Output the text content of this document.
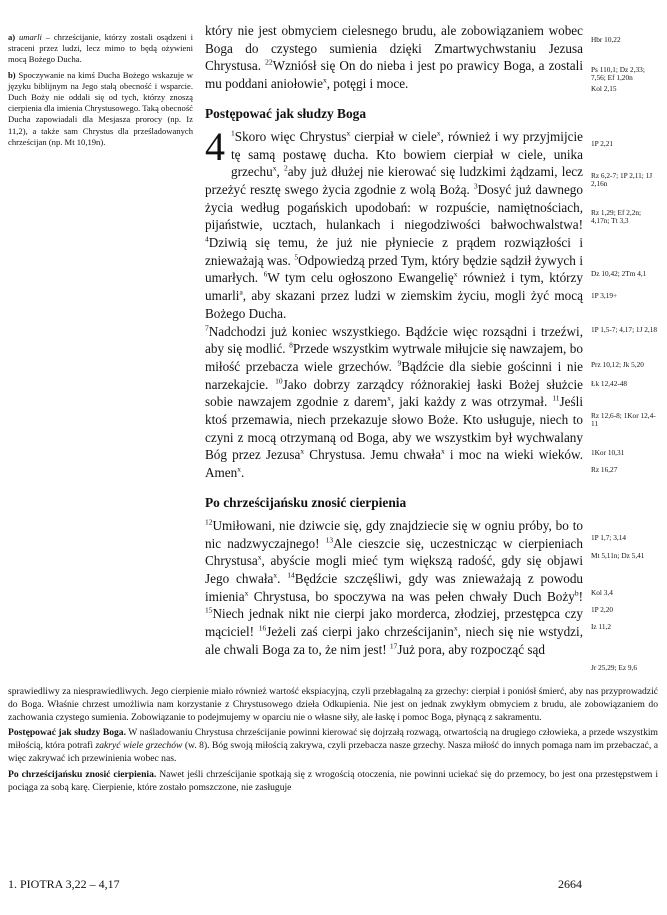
a) umarli – chrześcijanie, którzy zostali osądzeni i straceni przez ludzi, lecz mimo to będą ożywieni mocą Bożego Ducha.

b) Spoczywanie na kimś Ducha Bożego wskazuje w języku biblijnym na Jego stałą obecność i wsparcie. Duch Boży nie oddali się od tych, którzy znoszą cierpienia dla imienia Chrystusowego. Taką obecność Ducha zapowiadali dla Mesjasza prorocy (np. Iz 11,2), a także sam Chrystus dla prześladowanych chrześcijan (np. Mt 10,19n).

który nie jest obmyciem cielesnego brudu, ale zobowiązaniem wobec Boga do czystego sumienia dzięki Zmartwychwstaniu Jezusa Chrystusa. $^{22}$Wzniósł się On do nieba i jest po prawicy Boga, a zostali mu poddani aniołowie$^x$, potęgi i moce.

Postępować jak słudzy Boga

4 $^1$Skoro więc Chrystus$^x$ cierpiał w ciele$^x$, również i wy przyjmijcie tę samą postawę ducha. Kto bowiem cierpiał w ciele, unika grzechu$^x$, $^2$aby już dłużej nie kierować się ludzkimi żądzami, lecz przeżyć resztę swego życia zgodnie z wolą Bożą. $^3$Dosyć już dawnego życia według pogańskich upodobań: w rozpuście, namiętnościach, pijaństwie, ucztach, hulankach i niegodziwości bałwochwalstwa! $^4$Dziwią się temu, że już nie płyniecie z prądem rozwiązłości i znieważają was. $^5$Odpowiedzą przed Tym, który będzie sądził żywych i umarłych. $^6$W tym celu ogłoszono Ewangelię$^x$ również i tym, którzy umarli$^a$, aby skazani przez ludzi w ziemskim życiu, mogli żyć mocą Bożego Ducha.

$^7$Nadchodzi już koniec wszystkiego. Bądźcie więc rozsądni i trzeźwi, aby się modlić. $^8$Przede wszystkim wytrwale miłujcie się nawzajem, bo miłość przebacza wiele grzechów. $^9$Bądźcie dla siebie gościnni i nie narzekajcie. $^{10}$Jako dobrzy zarządcy różnorakiej łaski Bożej służcie sobie nawzajem zgodnie z darem$^x$, jaki każdy z was otrzymał. $^{11}$Jeśli ktoś przemawia, niech przekazuje słowo Boże. Kto usługuje, niech to czyni z mocą otrzymaną od Boga, aby we wszystkim był wychwalany Bóg przez Jezusa$^x$ Chrystusa. Jemu chwała$^x$ i moc na wieki wieków. Amen$^x$.

Po chrześcijańsku znosić cierpienia

$^{12}$Umiłowani, nie dziwcie się, gdy znajdziecie się w ogniu próby, bo to nic nadzwyczajnego! $^{13}$Ale cieszcie się, uczestnicząc w cierpieniach Chrystusa$^x$, abyście mogli mieć tym większą radość, gdy się objawi Jego chwała$^x$. $^{14}$Będźcie szczęśliwi, gdy was znieważają z powodu imienia$^x$ Chrystusa, bo spoczywa na was pełen chwały Duch Boży$^b$! $^{15}$Niech jednak nikt nie cierpi jako morderca, złodziej, przestępca czy mąciciel! $^{16}$Jeżeli zaś cierpi jako chrześcijanin$^x$, niech się nie wstydzi, ale chwali Boga za to, że nim jest! $^{17}$Już pora, aby rozpocząć sąd

Hbr 10,22
Ps 110,1; Dz 2,33; 7,56; Ef 1,20n
Kol 2,15
1P 2,21
Rz 6,2-7; 1P 2,11; 1J 2,16n
Rz 1,29; Ef 2,2n; 4,17n; Tt 3,3
Dz 10,42; 2Tm 4,1
1P 3,19+
1P 1,5-7; 4,17; 1J 2,18
Prz 10,12; Jk 5,20
Łk 12,42-48
Rz 12,6-8; 1Kor 12,4-11
1Kor 10,31
Rz 16,27
1P 1,7; 3,14
Mt 5,11n; Dz 5,41
Kol 3,4
1P 2,20
Iz 11,2
Jr 25,29; Ez 9,6

sprawiedliwy za niesprawiedliwych. Jego cierpienie miało również wartość ekspiacyjną, czyli przebłagalną za grzechy: cierpiał i poniósł śmierć, aby nas przyprowadzić do Boga. Właśnie chrzest umożliwia nam korzystanie z Chrystusowego dzieła Odkupienia. Nie jest on jednak zwykłym obmyciem z brudu, ale zobowiązaniem do zachowania czystego sumienia. Zobowiązanie to podejmujemy w oparciu nie o własne siły, ale łaskę i pomoc Boga, płynącą z sakramentu.

Postępować jak słudzy Boga. W naśladowaniu Chrystusa chrześcijanie powinni kierować się dojrzałą rozwagą, otwartością na drugiego człowieka, a przede wszystkim miłością, która potrafi zakryć wiele grzechów (w. 8). Bóg swoją miłością zakrywa, czyli przebacza nasze grzechy. Nasza miłość do innych pomaga nam im przebaczać, a więc zakrywać ich przewinienia wobec nas.

Po chrześcijańsku znosić cierpienia. Nawet jeśli chrześcijanie spotkają się z wrogością otoczenia, nie powinni uciekać się do przemocy, bo jest ona przestępstwem i pociąga za sobą karę. Cierpienie, które zostało pomszczone, nie zasługuje

1. PIOTRA 3,22 – 4,17	2664
